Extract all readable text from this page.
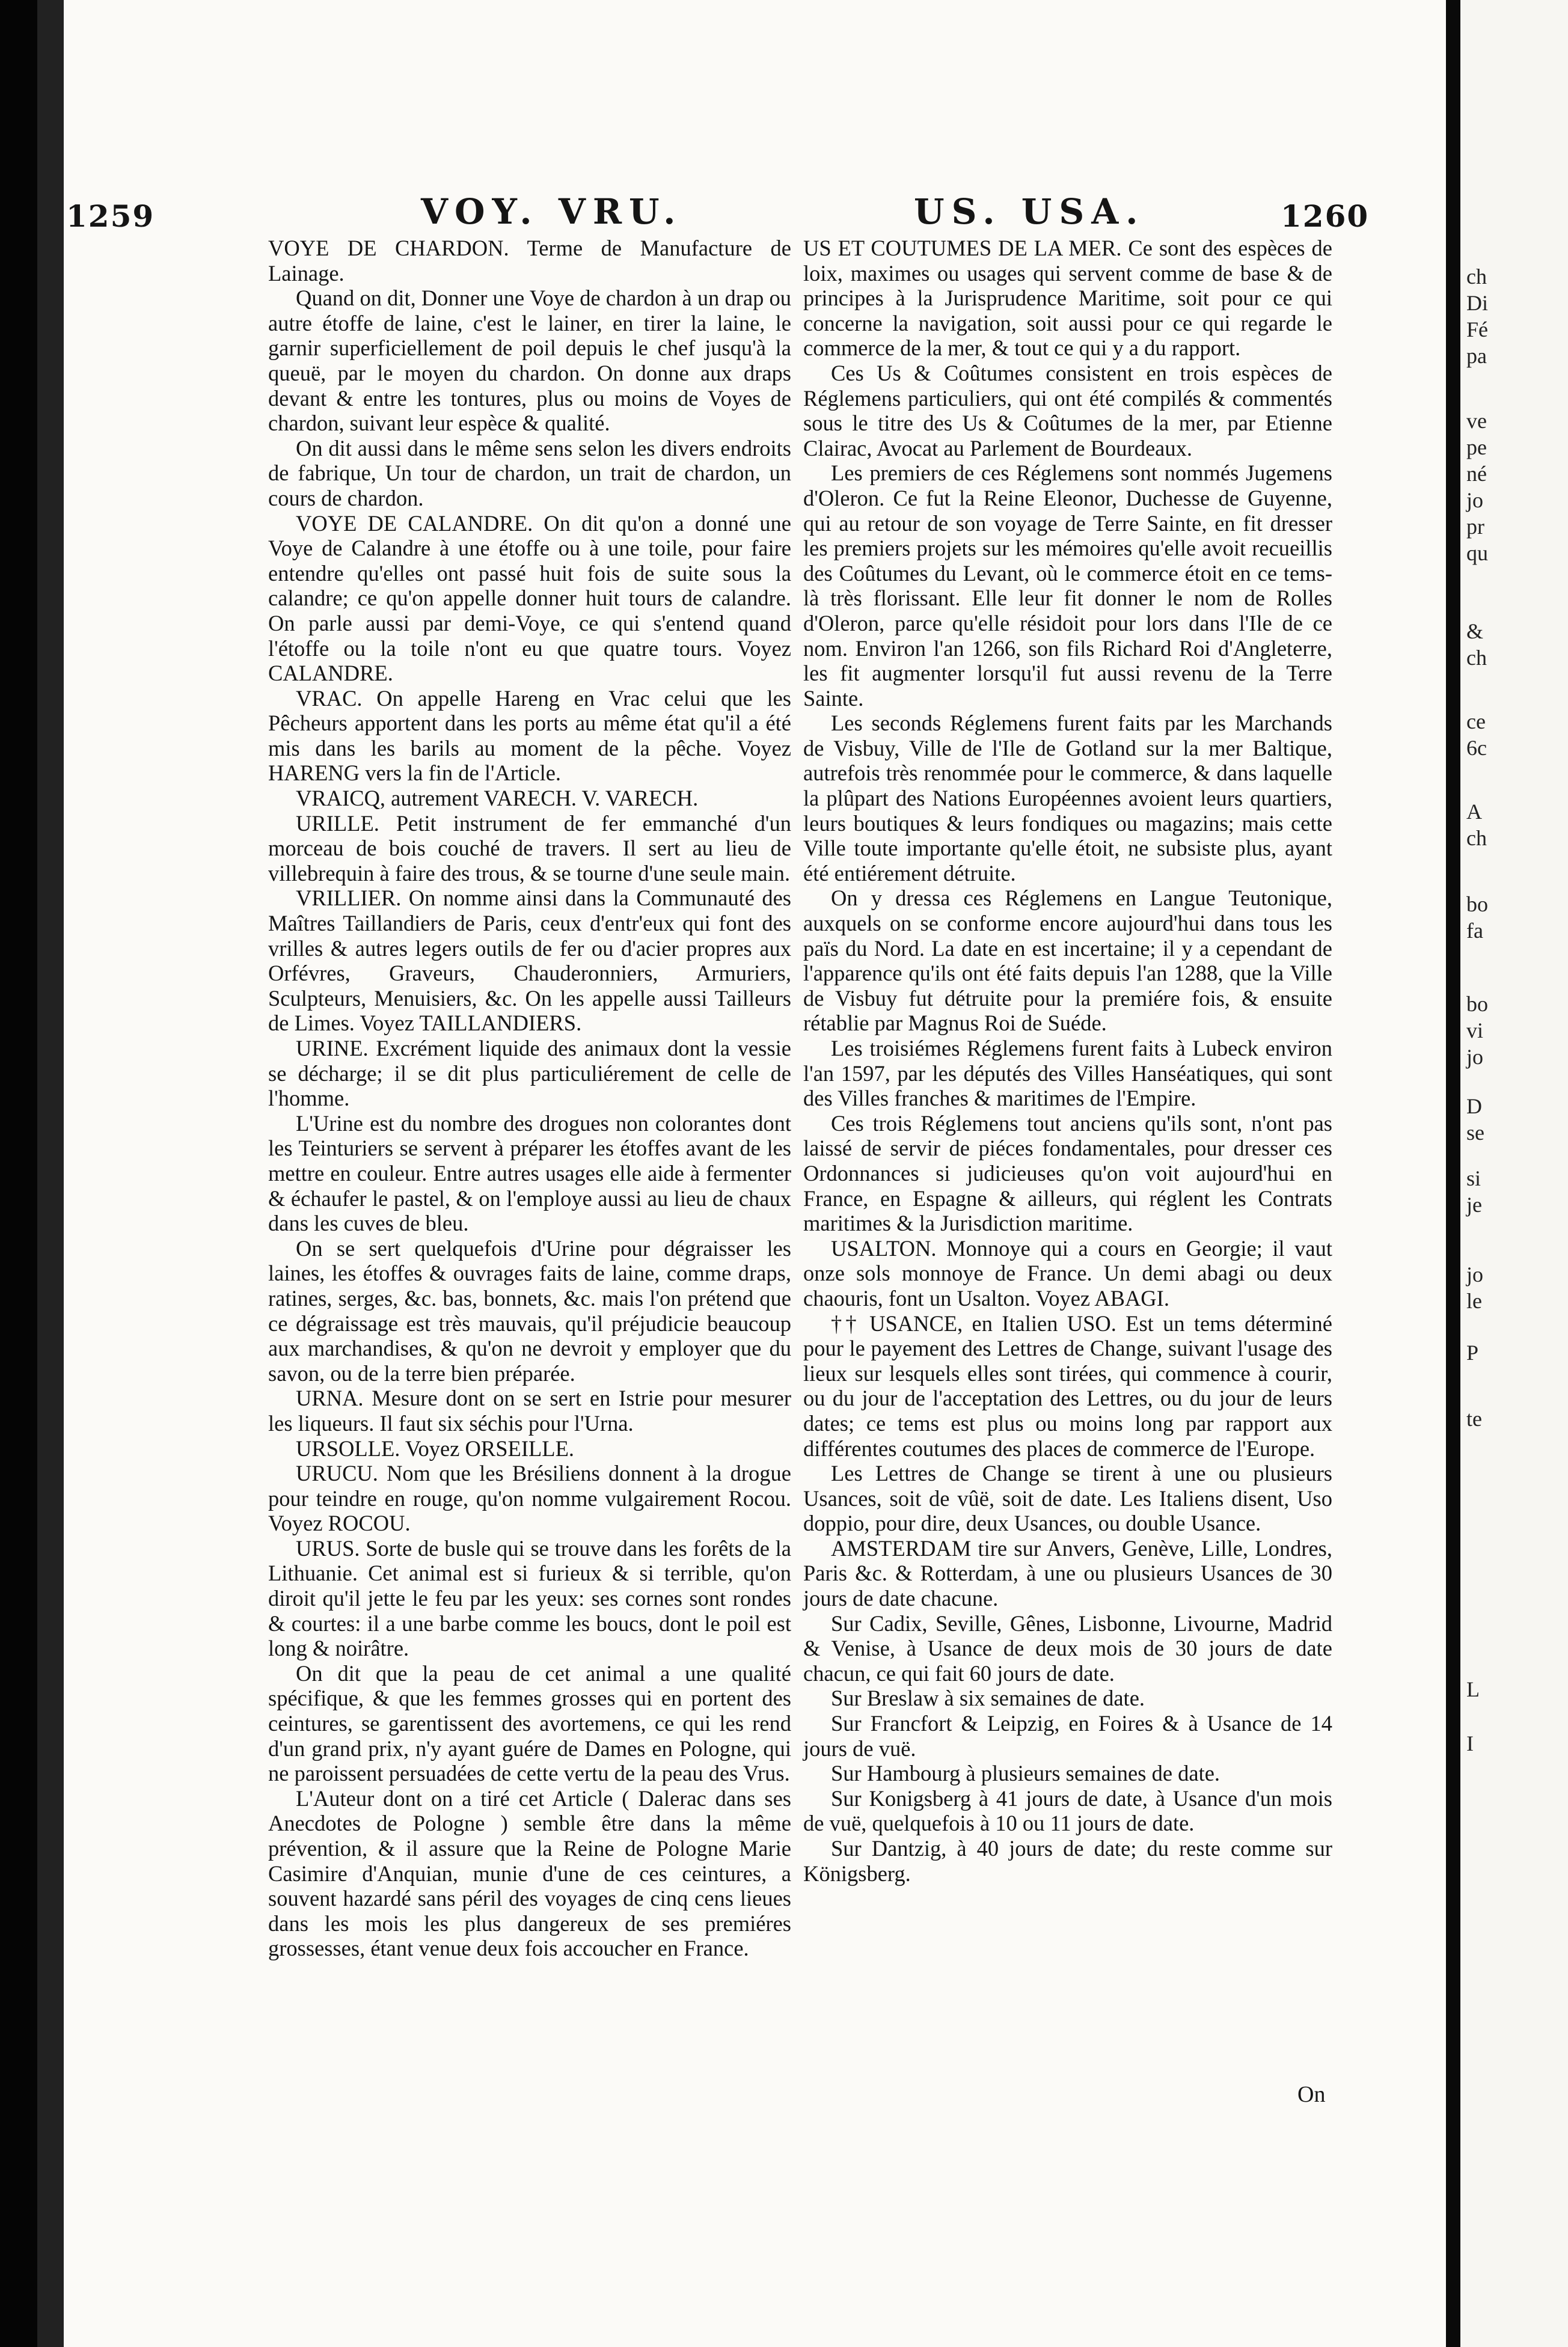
1259	VOY. VRU.	US. USA.	1260

VOYE DE CHARDON. Terme de Manufacture de Lainage.

Quand on dit, Donner une Voye de chardon à un drap ou autre étoffe de laine, c'est le lainer, en tirer la laine, le garnir superficiellement de poil depuis le chef jusqu'à la queuë, par le moyen du chardon. On donne aux draps devant & entre les tontures, plus ou moins de Voyes de chardon, suivant leur espèce & qualité.

On dit aussi dans le même sens selon les divers endroits de fabrique, Un tour de chardon, un trait de chardon, un cours de chardon.

VOYE DE CALANDRE. On dit qu'on a donné une Voye de Calandre à une étoffe ou à une toile, pour faire entendre qu'elles ont passé huit fois de suite sous la calandre; ce qu'on appelle donner huit tours de calandre. On parle aussi par demi-Voye, ce qui s'entend quand l'étoffe ou la toile n'ont eu que quatre tours. Voyez CALANDRE.

VRAC. On appelle Hareng en Vrac celui que les Pêcheurs apportent dans les ports au même état qu'il a été mis dans les barils au moment de la pêche. Voyez HARENG vers la fin de l'Article.

VRAICQ, autrement VARECH. V. VARECH.

URILLE. Petit instrument de fer emmanché d'un morceau de bois couché de travers. Il sert au lieu de villebrequin à faire des trous, & se tourne d'une seule main.

VRILLIER. On nomme ainsi dans la Communauté des Maîtres Taillandiers de Paris, ceux d'entr'eux qui font des vrilles & autres legers outils de fer ou d'acier propres aux Orfévres, Graveurs, Chauderonniers, Armuriers, Sculpteurs, Menuisiers, &c. On les appelle aussi Tailleurs de Limes. Voyez TAILLANDIERS.

URINE. Excrément liquide des animaux dont la vessie se décharge; il se dit plus particuliérement de celle de l'homme.

L'Urine est du nombre des drogues non colorantes dont les Teinturiers se servent à préparer les étoffes avant de les mettre en couleur. Entre autres usages elle aide à fermenter & échaufer le pastel, & on l'employe aussi au lieu de chaux dans les cuves de bleu.

On se sert quelquefois d'Urine pour dégraisser les laines, les étoffes & ouvrages faits de laine, comme draps, ratines, serges, &c. bas, bonnets, &c. mais l'on prétend que ce dégraissage est très mauvais, qu'il préjudicie beaucoup aux marchandises, & qu'on ne devroit y employer que du savon, ou de la terre bien préparée.

URNA. Mesure dont on se sert en Istrie pour mesurer les liqueurs. Il faut six séchis pour l'Urna.

URSOLLE. Voyez ORSEILLE.

URUCU. Nom que les Brésiliens donnent à la drogue pour teindre en rouge, qu'on nomme vulgairement Rocou. Voyez ROCOU.

URUS. Sorte de busle qui se trouve dans les forêts de la Lithuanie. Cet animal est si furieux & si terrible, qu'on diroit qu'il jette le feu par les yeux: ses cornes sont rondes & courtes: il a une barbe comme les boucs, dont le poil est long & noirâtre.

On dit que la peau de cet animal a une qualité spécifique, & que les femmes grosses qui en portent des ceintures, se garentissent des avortemens, ce qui les rend d'un grand prix, n'y ayant guére de Dames en Pologne, qui ne paroissent persuadées de cette vertu de la peau des Vrus.

L'Auteur dont on a tiré cet Article ( Dalerac dans ses Anecdotes de Pologne ) semble être dans la même prévention, & il assure que la Reine de Pologne Marie Casimire d'Anquian, munie d'une de ces ceintures, a souvent hazardé sans péril des voyages de cinq cens lieues dans les mois les plus dangereux de ses premiéres grossesses, étant venue deux fois accoucher en France.

US ET COUTUMES DE LA MER. Ce sont des espèces de loix, maximes ou usages qui servent comme de base & de principes à la Jurisprudence Maritime, soit pour ce qui concerne la navigation, soit aussi pour ce qui regarde le commerce de la mer, & tout ce qui y a du rapport.

Ces Us & Coûtumes consistent en trois espèces de Réglemens particuliers, qui ont été compilés & commentés sous le titre des Us & Coûtumes de la mer, par Etienne Clairac, Avocat au Parlement de Bourdeaux.

Les premiers de ces Réglemens sont nommés Jugemens d'Oleron. Ce fut la Reine Eleonor, Duchesse de Guyenne, qui au retour de son voyage de Terre Sainte, en fit dresser les premiers projets sur les mémoires qu'elle avoit recueillis des Coûtumes du Levant, où le commerce étoit en ce tems-là très florissant. Elle leur fit donner le nom de Rolles d'Oleron, parce qu'elle résidoit pour lors dans l'Ile de ce nom. Environ l'an 1266, son fils Richard Roi d'Angleterre, les fit augmenter lorsqu'il fut aussi revenu de la Terre Sainte.

Les seconds Réglemens furent faits par les Marchands de Visbuy, Ville de l'Ile de Gotland sur la mer Baltique, autrefois très renommée pour le commerce, & dans laquelle la plûpart des Nations Européennes avoient leurs quartiers, leurs boutiques & leurs fondiques ou magazins; mais cette Ville toute importante qu'elle étoit, ne subsiste plus, ayant été entiérement détruite.

On y dressa ces Réglemens en Langue Teutonique, auxquels on se conforme encore aujourd'hui dans tous les païs du Nord. La date en est incertaine; il y a cependant de l'apparence qu'ils ont été faits depuis l'an 1288, que la Ville de Visbuy fut détruite pour la premiére fois, & ensuite rétablie par Magnus Roi de Suéde.

Les troisiémes Réglemens furent faits à Lubeck environ l'an 1597, par les députés des Villes Hanséatiques, qui sont des Villes franches & maritimes de l'Empire.

Ces trois Réglemens tout anciens qu'ils sont, n'ont pas laissé de servir de piéces fondamentales, pour dresser ces Ordonnances si judicieuses qu'on voit aujourd'hui en France, en Espagne & ailleurs, qui réglent les Contrats maritimes & la Jurisdiction maritime.

USALTON. Monnoye qui a cours en Georgie; il vaut onze sols monnoye de France. Un demi abagi ou deux chaouris, font un Usalton. Voyez ABAGI.

†† USANCE, en Italien USO. Est un tems déterminé pour le payement des Lettres de Change, suivant l'usage des lieux sur lesquels elles sont tirées, qui commence à courir, ou du jour de l'acceptation des Lettres, ou du jour de leurs dates; ce tems est plus ou moins long par rapport aux différentes coutumes des places de commerce de l'Europe.

Les Lettres de Change se tirent à une ou plusieurs Usances, soit de vûë, soit de date. Les Italiens disent, Uso doppio, pour dire, deux Usances, ou double Usance.

AMSTERDAM tire sur Anvers, Genève, Lille, Londres, Paris &c. & Rotterdam, à une ou plusieurs Usances de 30 jours de date chacune.

Sur Cadix, Seville, Gênes, Lisbonne, Livourne, Madrid & Venise, à Usance de deux mois de 30 jours de date chacun, ce qui fait 60 jours de date.

Sur Breslaw à six semaines de date.

Sur Francfort & Leipzig, en Foires & à Usance de 14 jours de vuë.

Sur Hambourg à plusieurs semaines de date.

Sur Konigsberg à 41 jours de date, à Usance d'un mois de vuë, quelquefois à 10 ou 11 jours de date.

Sur Dantzig, à 40 jours de date; du reste comme sur Königsberg.

On
ch
Di
Fé
pa
ve
pe
né
jo
pr
qu
&
ch
ce
6c
A
ch
bo
fa
bo
vi
jo
D
se
si
je
jo
le
P
te
L
I
